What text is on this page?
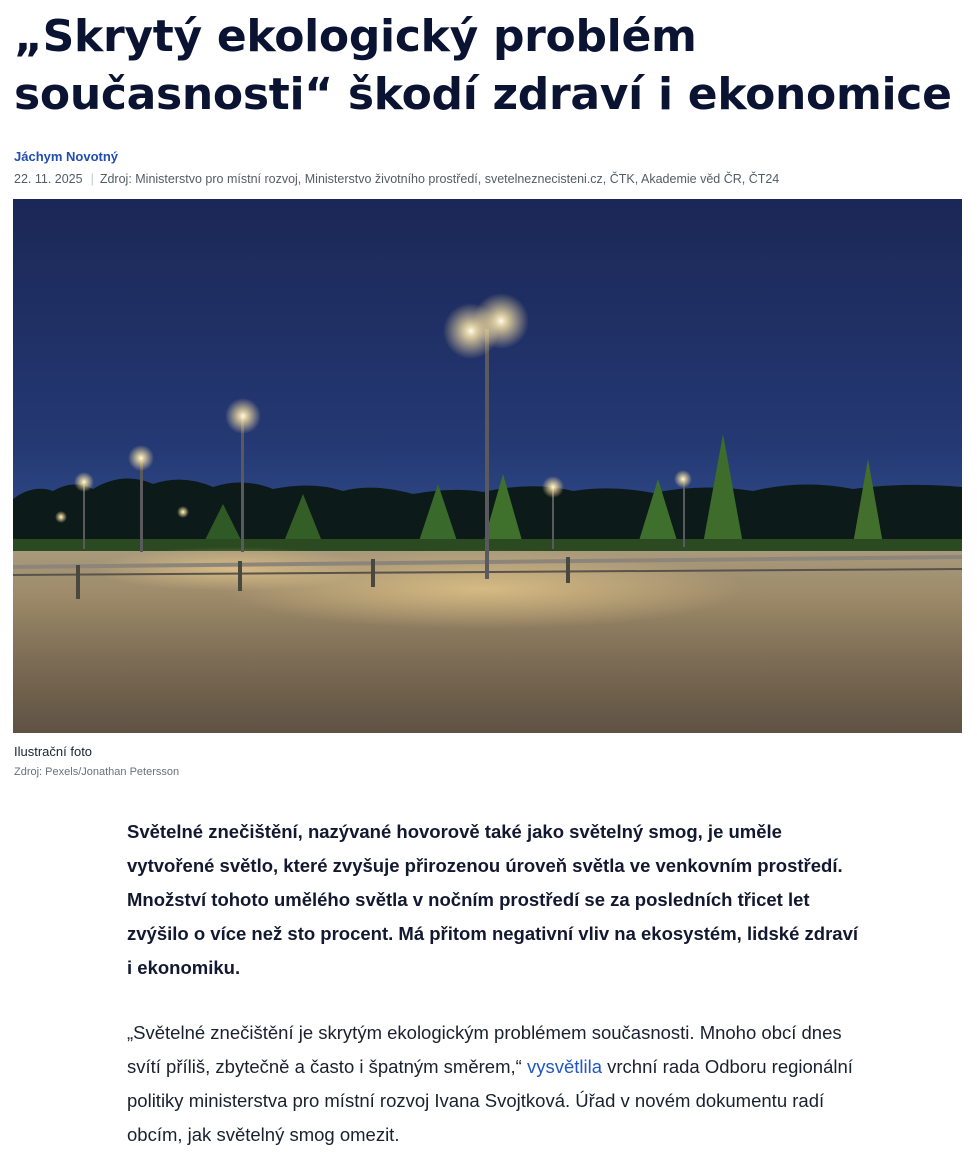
„Skrytý ekologický problém současnosti“ škodí zdraví i ekonomice
Jáchym Novotný
22. 11. 2025 | Zdroj: Ministerstvo pro místní rozvoj, Ministerstvo životního prostředí, svetelneznecisteni.cz, ČTK, Akademie věd ČR, ČT24
Ilustrační foto
Zdroj: Pexels/Jonathan Petersson

Světelné znečištění, nazývané hovorově také jako světelný smog, je uměle vytvořené světlo, které zvyšuje přirozenou úroveň světla ve venkovním prostředí. Množství tohoto umělého světla v nočním prostředí se za posledních třicet let zvýšilo o více než sto procent. Má přitom negativní vliv na ekosystém, lidské zdraví i ekonomiku.

„Světelné znečištění je skrytým ekologickým problémem současnosti. Mnoho obcí dnes svítí příliš, zbytečně a často i špatným směrem,“ vysvětlila vrchní rada Odboru regionální politiky ministerstva pro místní rozvoj Ivana Svojtková. Úřad v novém dokumentu radí obcím, jak světelný smog omezit.
